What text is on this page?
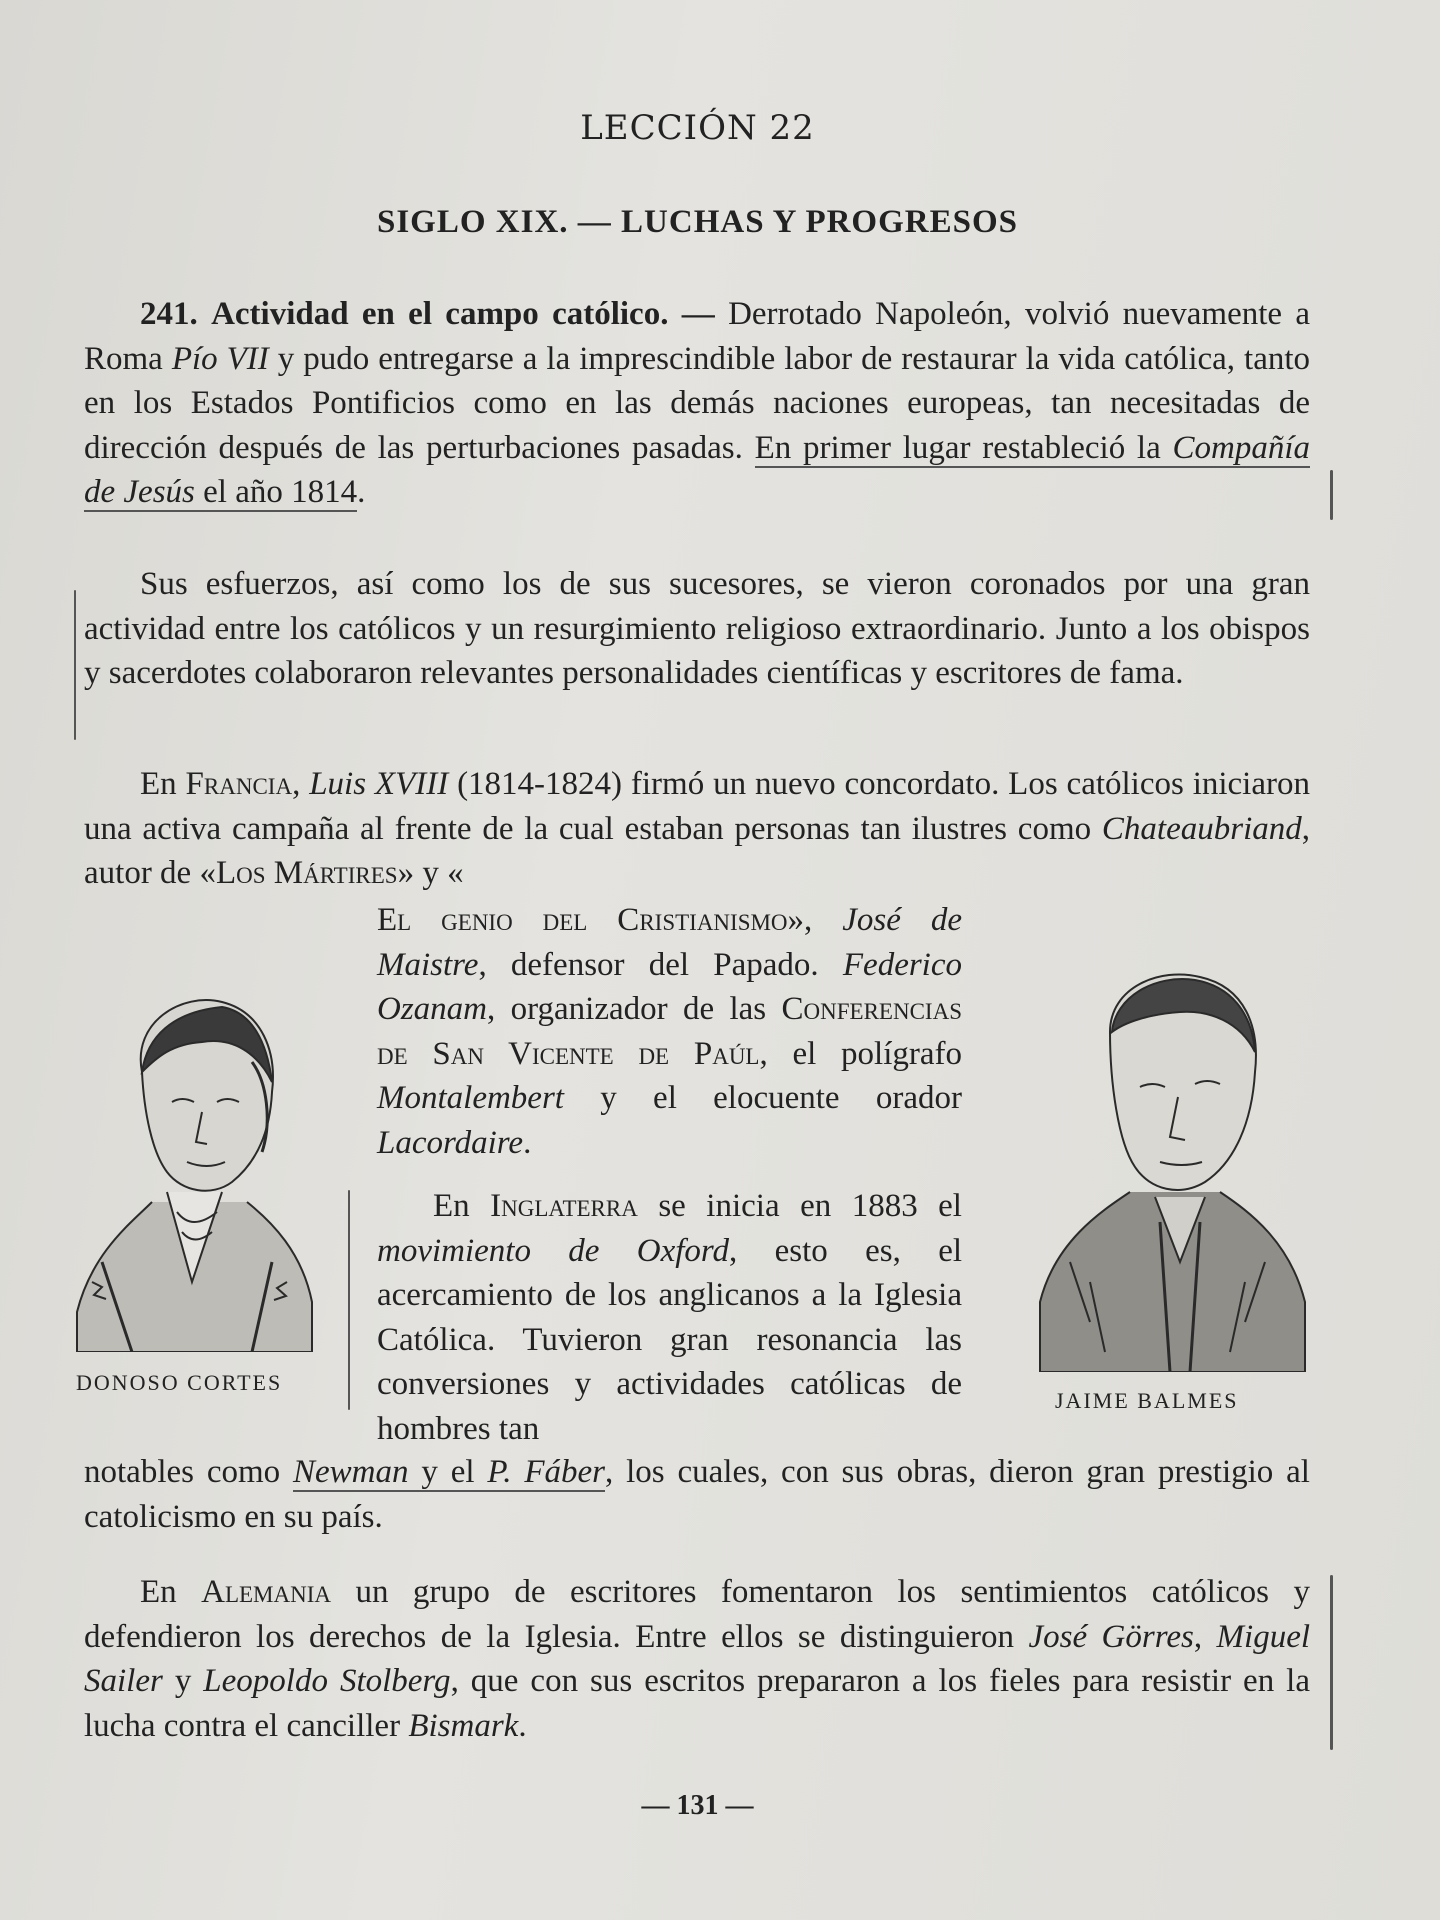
LECCIÓN 22
SIGLO XIX. — LUCHAS Y PROGRESOS
241. Actividad en el campo católico. — Derrotado Napoleón, volvió nuevamente a Roma Pío VII y pudo entregarse a la imprescindible labor de restaurar la vida católica, tanto en los Estados Pontificios como en las demás naciones europeas, tan necesitadas de dirección después de las perturbaciones pasadas. En primer lugar restableció la Compañía de Jesús el año 1814.
Sus esfuerzos, así como los de sus sucesores, se vieron coronados por una gran actividad entre los católicos y un resurgimiento religioso extraordinario. Junto a los obispos y sacerdotes colaboraron relevantes personalidades científicas y escritores de fama.
En Francia, Luis XVIII (1814-1824) firmó un nuevo concordato. Los católicos iniciaron una activa campaña al frente de la cual estaban personas tan ilustres como Chateaubriand, autor de «Los Mártires» y «
El genio del Cristianismo», José de Maistre, defensor del Papado. Federico Ozanam, organizador de las Conferencias de San Vicente de Paúl, el polígrafo Montalembert y el elocuente orador Lacordaire.
En Inglaterra se inicia en 1883 el movimiento de Oxford, esto es, el acercamiento de los anglicanos a la Iglesia Católica. Tuvieron gran resonancia las conversiones y actividades católicas de hombres tan
notables como Newman y el P. Fáber, los cuales, con sus obras, dieron gran prestigio al catolicismo en su país.
En Alemania un grupo de escritores fomentaron los sentimientos católicos y defendieron los derechos de la Iglesia. Entre ellos se distinguieron José Görres, Miguel Sailer y Leopoldo Stolberg, que con sus escritos prepararon a los fieles para resistir en la lucha contra el canciller Bismark.
DONOSO CORTES
JAIME BALMES
— 131 —
